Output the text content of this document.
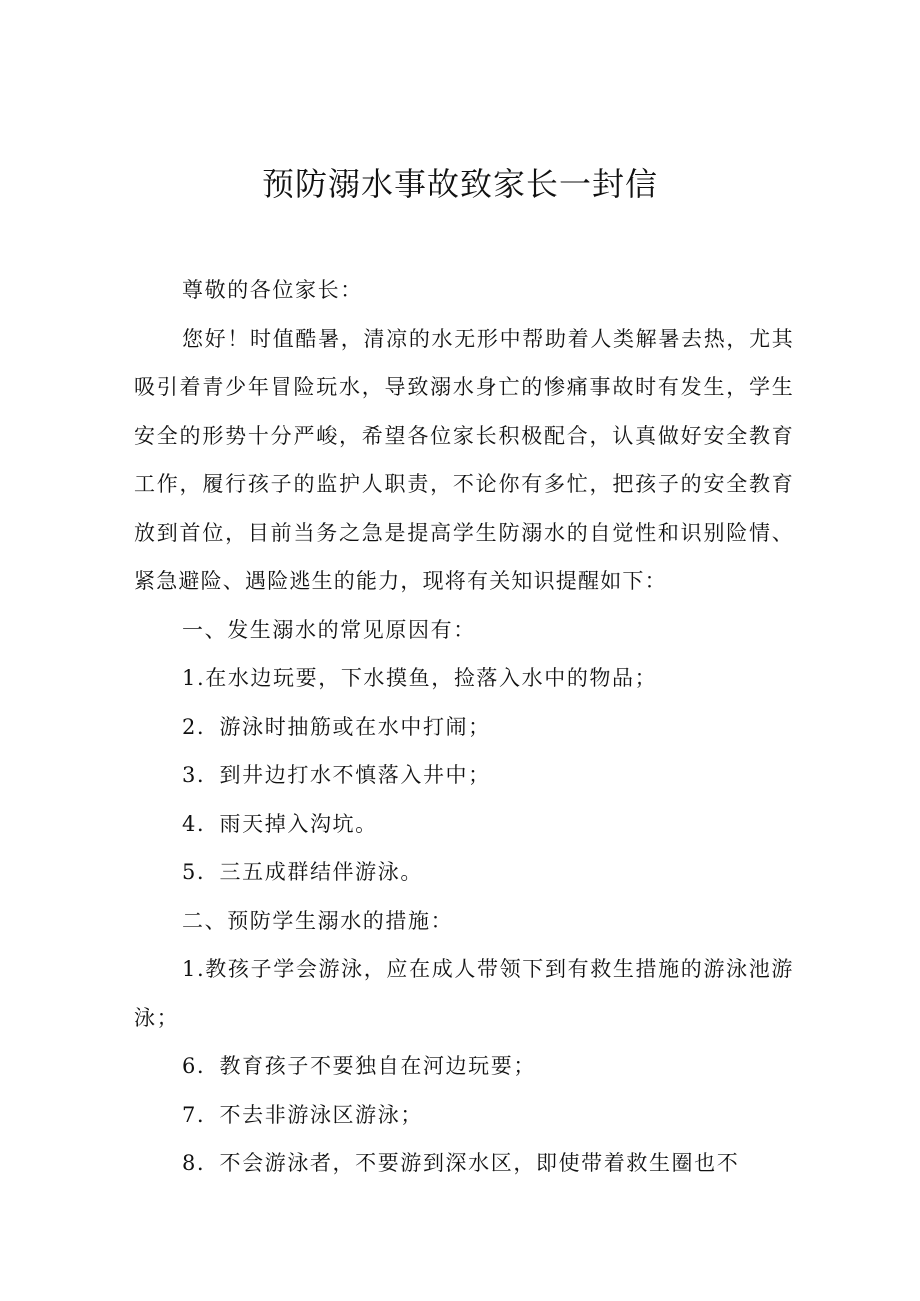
预防溺水事故致家长一封信

尊敬的各位家长：

您好！时值酷暑，清凉的水无形中帮助着人类解暑去热，尤其吸引着青少年冒险玩水，导致溺水身亡的惨痛事故时有发生，学生安全的形势十分严峻，希望各位家长积极配合，认真做好安全教育工作，履行孩子的监护人职责，不论你有多忙，把孩子的安全教育放到首位，目前当务之急是提高学生防溺水的自觉性和识别险情、紧急避险、遇险逃生的能力，现将有关知识提醒如下：

一、发生溺水的常见原因有：

1.在水边玩要，下水摸鱼，捡落入水中的物品；

2．游泳时抽筋或在水中打闹；

3．到井边打水不慎落入井中；

4．雨天掉入沟坑。

5．三五成群结伴游泳。

二、预防学生溺水的措施：

1.教孩子学会游泳，应在成人带领下到有救生措施的游泳池游泳；

6．教育孩子不要独自在河边玩要；

7．不去非游泳区游泳；

8．不会游泳者，不要游到深水区，即使带着救生圈也不
